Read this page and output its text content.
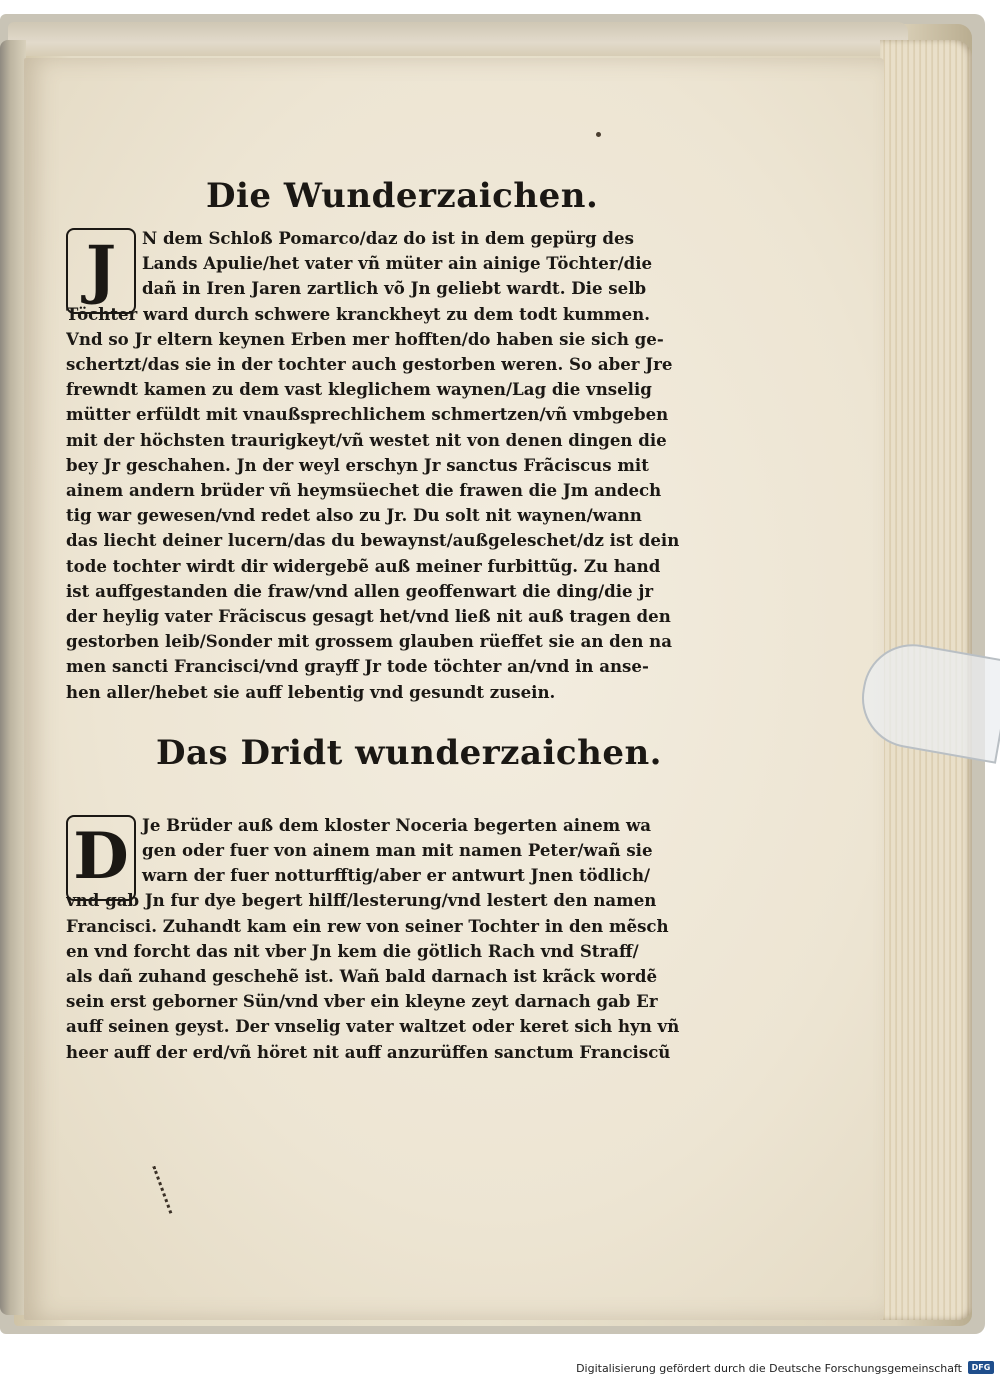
Die Wunderzaichen.
J	N dem Schloß Pomarco/daz do ist in dem gepürg des
Lands Apulie/het vater vñ müter ain ainige Töchter/die
dañ in Iren Jaren zartlich võ Jn geliebt wardt. Die selb
Töchter ward durch schwere kranckheyt zu dem todt kummen.
Vnd so Jr eltern keynen Erben mer hofften/do haben sie sich ge-
schertzt/das sie in der tochter auch gestorben weren. So aber Jre
frewndt kamen zu dem vast kleglichem waynen/Lag die vnselig
mütter erfüldt mit vnaußsprechlichem schmertzen/vñ vmbgeben
mit der höchsten traurigkeyt/vñ westet nit von denen dingen die
bey Jr geschahen. Jn der weyl erschyn Jr sanctus Frãciscus mit
ainem andern brüder vñ heymsüechet die frawen die Jm andech
tig war gewesen/vnd redet also zu Jr. Du solt nit waynen/wann
das liecht deiner lucern/das du bewaynst/außgeleschet/dz ist dein
tode tochter wirdt dir widergebẽ auß meiner furbittũg. Zu hand
ist auffgestanden die fraw/vnd allen geoffenwart die ding/die jr
der heylig vater Frãciscus gesagt het/vnd ließ nit auß tragen den
gestorben leib/Sonder mit grossem glauben rüeffet sie an den na
men sancti Francisci/vnd grayff Jr tode töchter an/vnd in anse-
hen aller/hebet sie auff lebentig vnd gesundt zusein.
Das Dridt wunderzaichen.
D Je Brüder auß dem kloster Noceria begerten ainem wa
gen oder fuer von ainem man mit namen Peter/wañ sie
warn der fuer notturfftig/aber er antwurt Jnen tödlich/
vnd gab Jn fur dye begert hilff/lesterung/vnd lestert den namen
Francisci. Zuhandt kam ein rew von seiner Tochter in den mẽsch
en vnd forcht das nit vber Jn kem die götlich Rach vnd Straff/
als dañ zuhand geschehẽ ist. Wañ bald darnach ist krãck wordẽ
sein erst geborner Sün/vnd vber ein kleyne zeyt darnach gab Er
auff seinen geyst. Der vnselig vater waltzet oder keret sich hyn vñ
heer auff der erd/vñ höret nit auff anzurüffen sanctum Franciscũ
Digitalisierung gefördert durch die Deutsche Forschungsgemeinschaft	DFG
